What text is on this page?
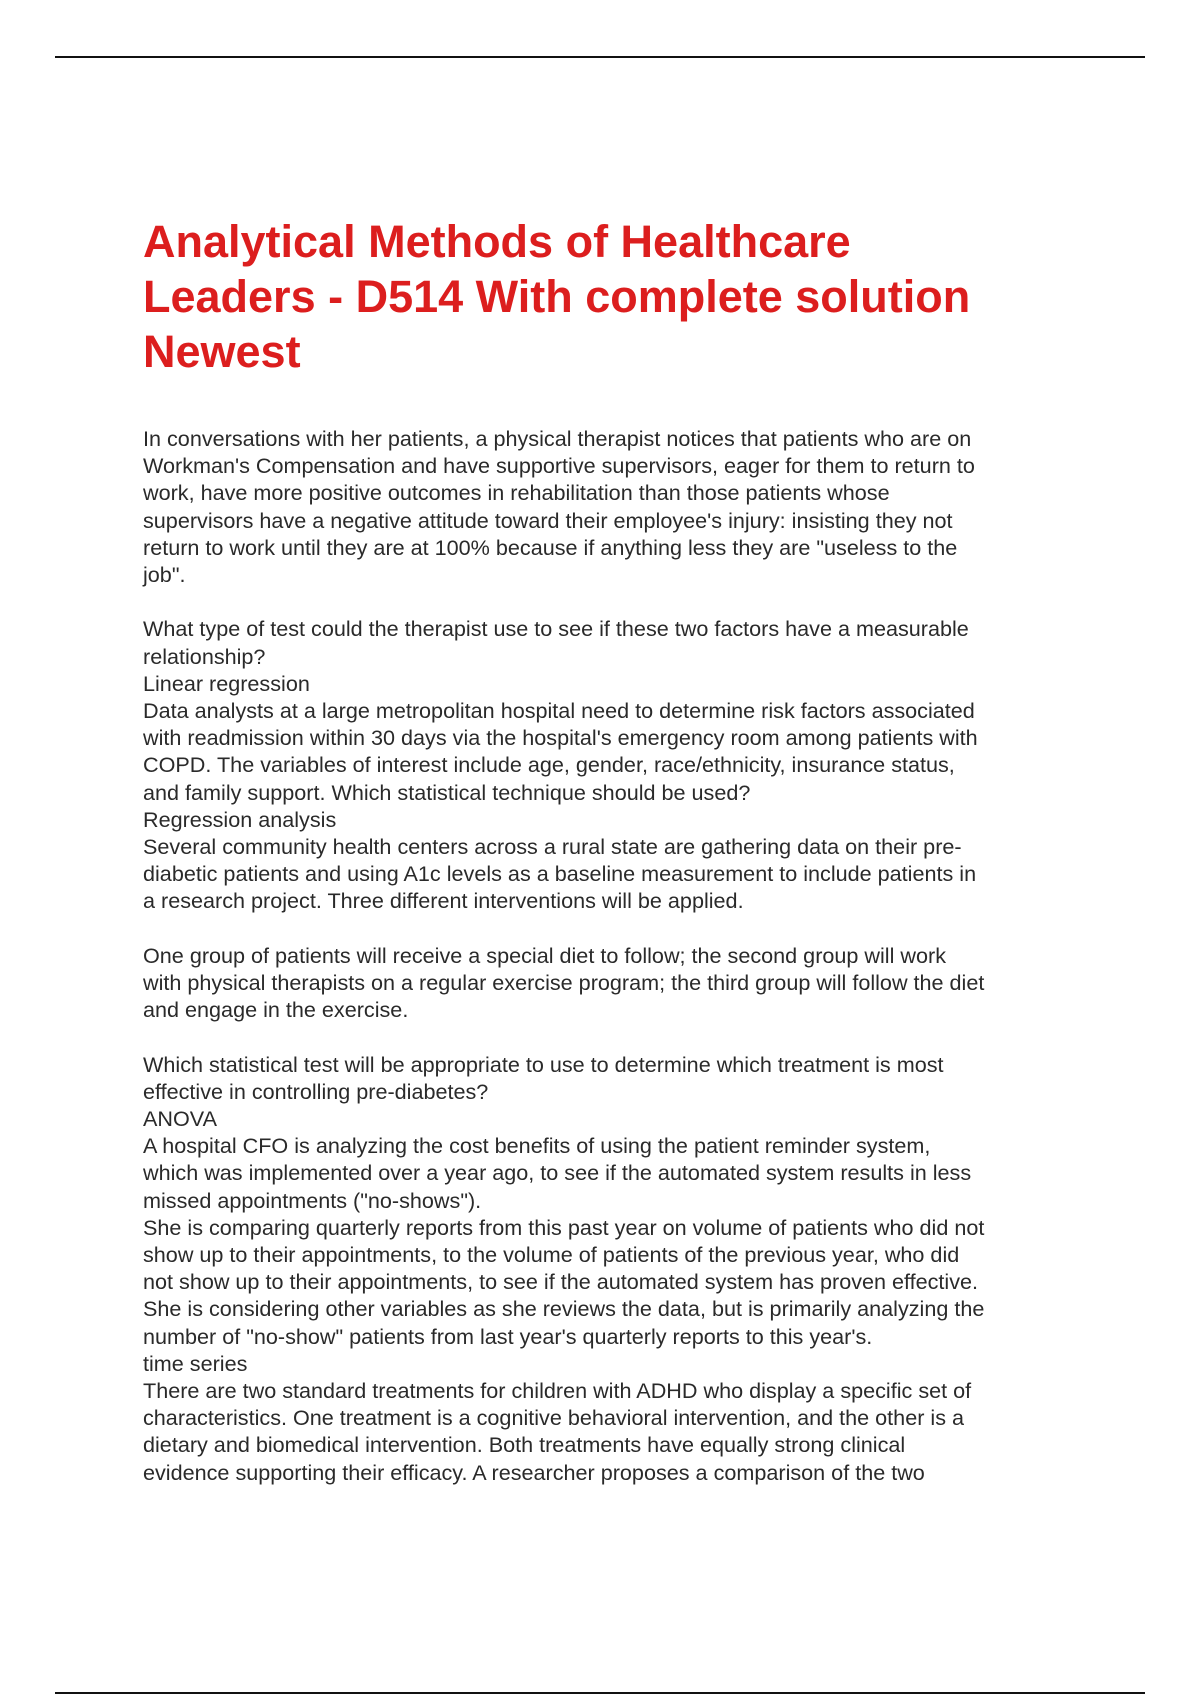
Analytical Methods of Healthcare
Leaders - D514 With complete solution
Newest
In conversations with her patients, a physical therapist notices that patients who are on
Workman's Compensation and have supportive supervisors, eager for them to return to
work, have more positive outcomes in rehabilitation than those patients whose
supervisors have a negative attitude toward their employee's injury: insisting they not
return to work until they are at 100% because if anything less they are "useless to the
job".
What type of test could the therapist use to see if these two factors have a measurable
relationship?
Linear regression
Data analysts at a large metropolitan hospital need to determine risk factors associated
with readmission within 30 days via the hospital's emergency room among patients with
COPD. The variables of interest include age, gender, race/ethnicity, insurance status,
and family support. Which statistical technique should be used?
Regression analysis
Several community health centers across a rural state are gathering data on their pre-
diabetic patients and using A1c levels as a baseline measurement to include patients in
a research project. Three different interventions will be applied.
One group of patients will receive a special diet to follow; the second group will work
with physical therapists on a regular exercise program; the third group will follow the diet
and engage in the exercise.
Which statistical test will be appropriate to use to determine which treatment is most
effective in controlling pre-diabetes?
ANOVA
A hospital CFO is analyzing the cost benefits of using the patient reminder system,
which was implemented over a year ago, to see if the automated system results in less
missed appointments ("no-shows").
She is comparing quarterly reports from this past year on volume of patients who did not
show up to their appointments, to the volume of patients of the previous year, who did
not show up to their appointments, to see if the automated system has proven effective.
She is considering other variables as she reviews the data, but is primarily analyzing the
number of "no-show" patients from last year's quarterly reports to this year's.
time series
There are two standard treatments for children with ADHD who display a specific set of
characteristics. One treatment is a cognitive behavioral intervention, and the other is a
dietary and biomedical intervention. Both treatments have equally strong clinical
evidence supporting their efficacy. A researcher proposes a comparison of the two
